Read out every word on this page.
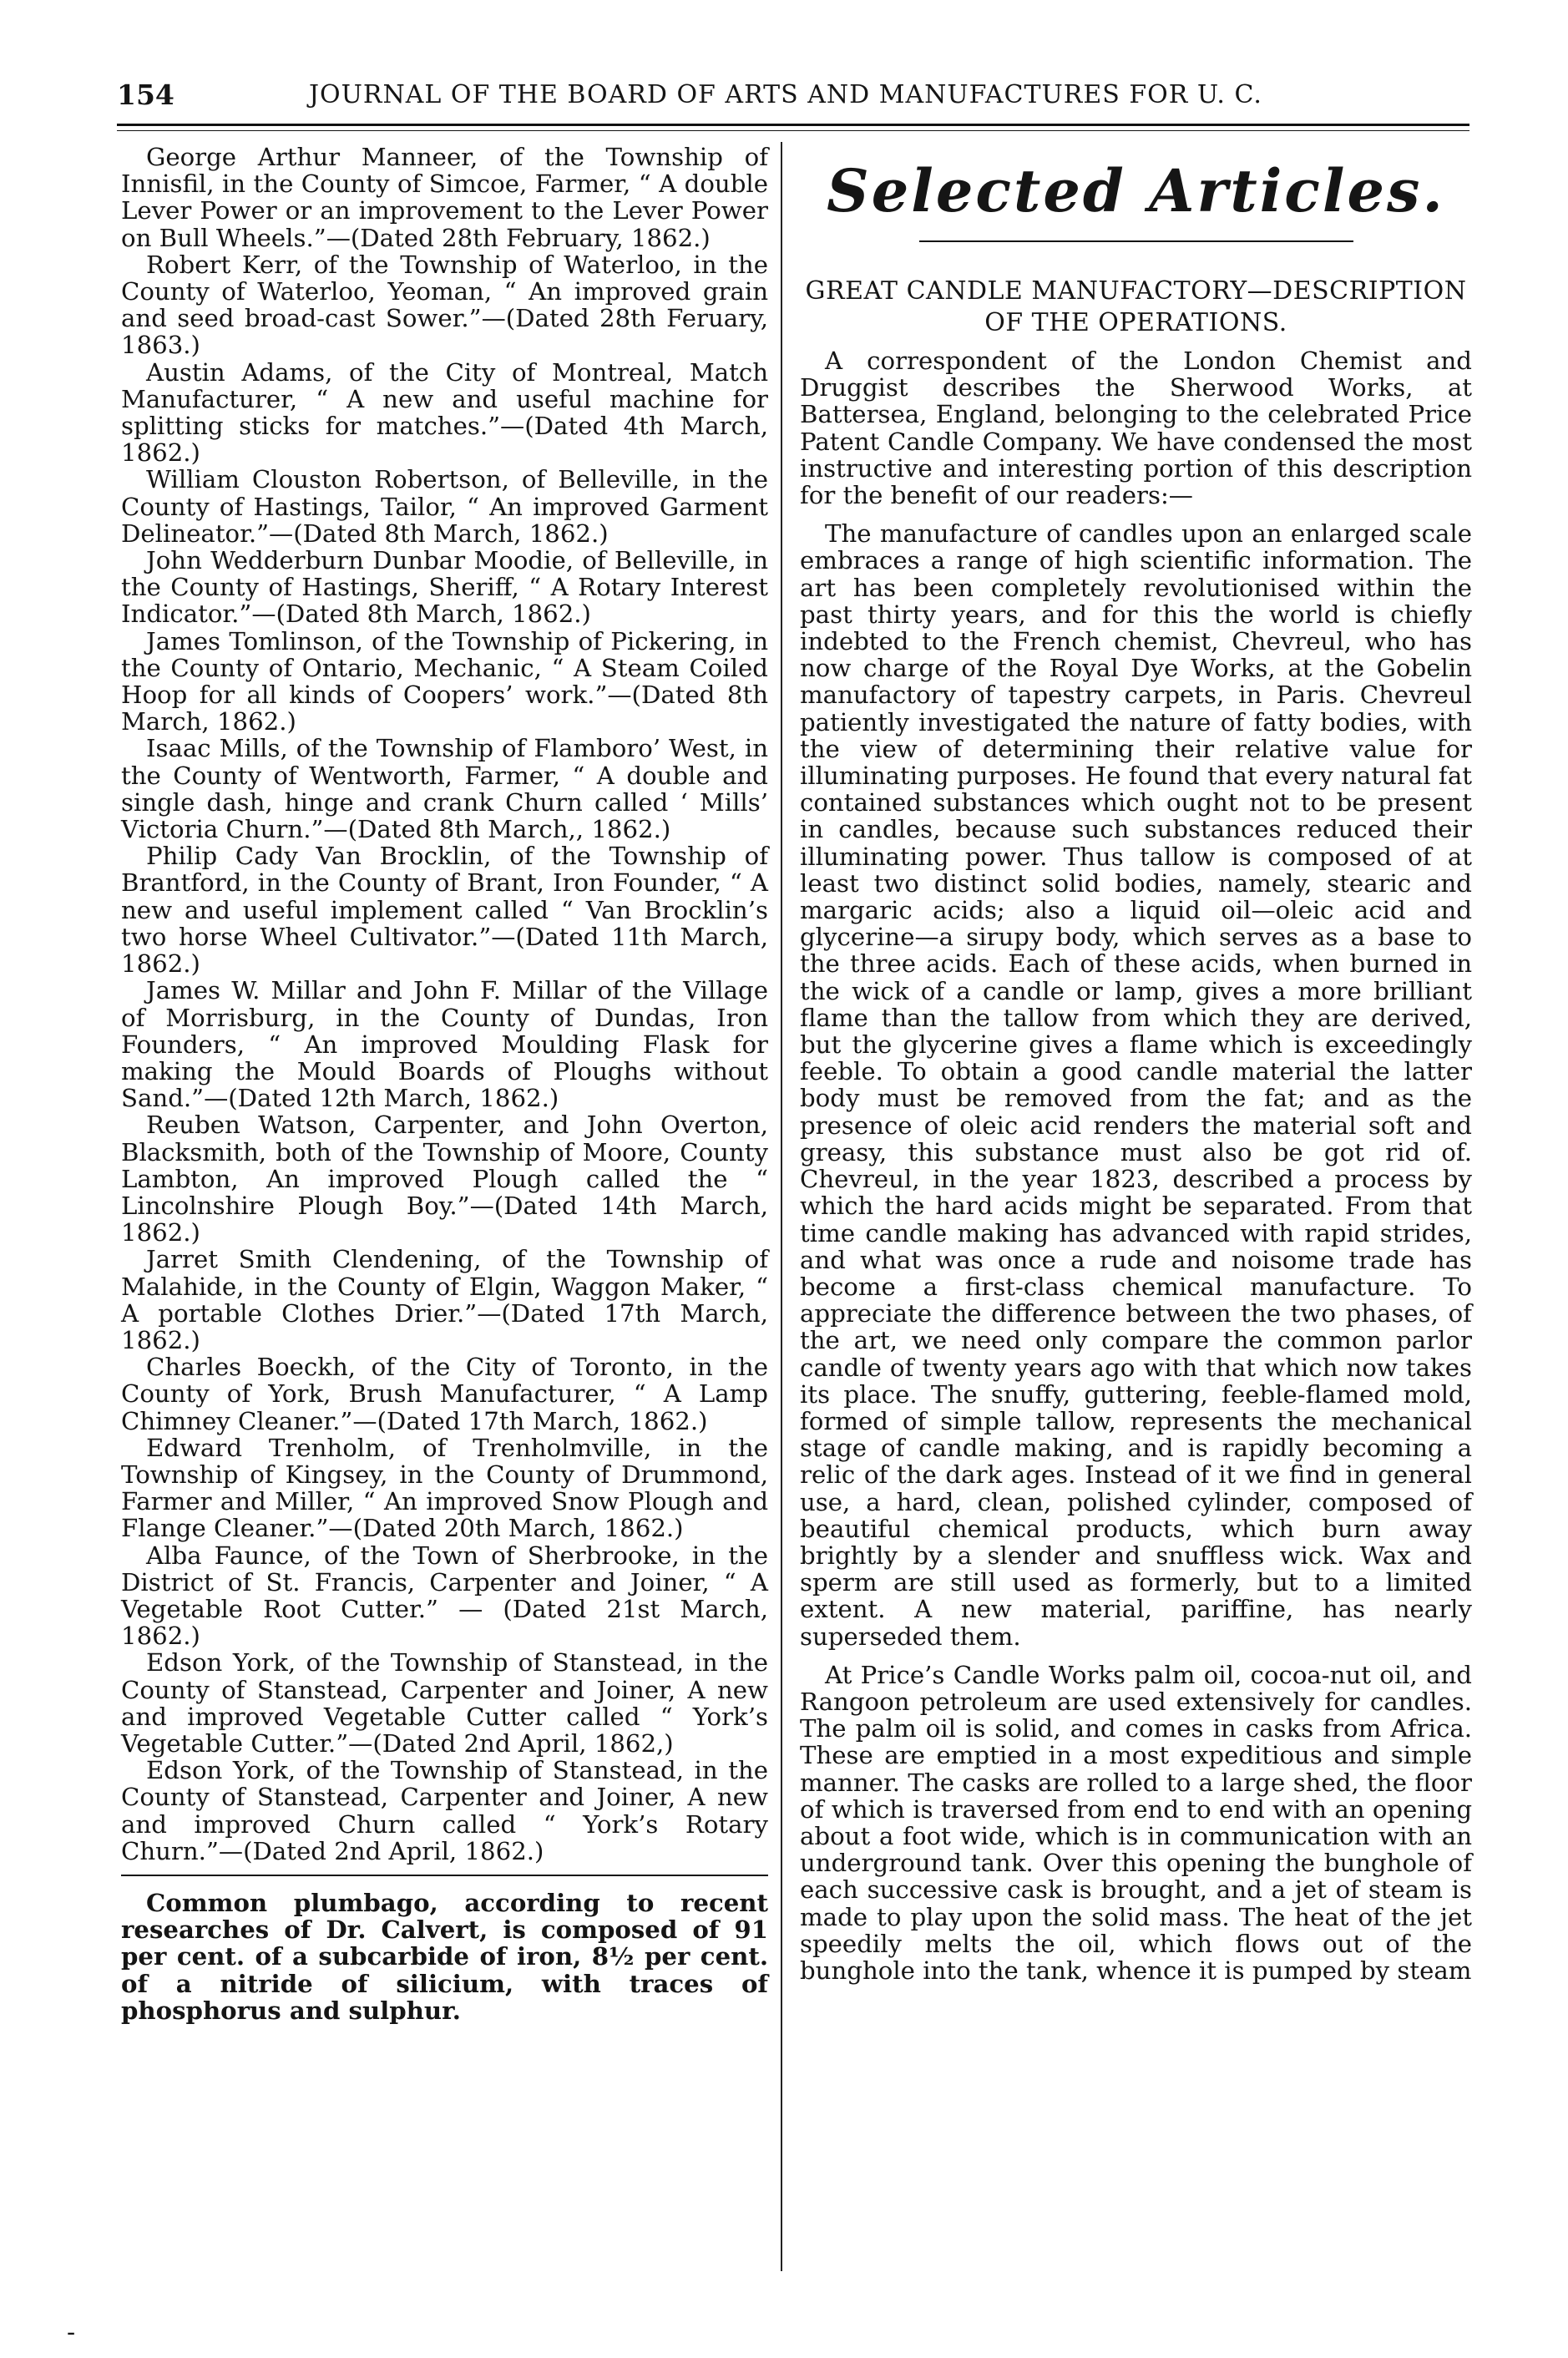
154	JOURNAL OF THE BOARD OF ARTS AND MANUFACTURES FOR U. C.

George Arthur Manneer, of the Township of Innisfil, in the County of Simcoe, Farmer, “ A double Lever Power or an improvement to the Lever Power on Bull Wheels.”—(Dated 28th February, 1862.)

Robert Kerr, of the Township of Waterloo, in the County of Waterloo, Yeoman, “ An improved grain and seed broad-cast Sower.”—(Dated 28th Feruary, 1863.)

Austin Adams, of the City of Montreal, Match Manufacturer, “ A new and useful machine for splitting sticks for matches.”—(Dated 4th March, 1862.)

William Clouston Robertson, of Belleville, in the County of Hastings, Tailor, “ An improved Garment Delineator.”—(Dated 8th March, 1862.)

John Wedderburn Dunbar Moodie, of Belleville, in the County of Hastings, Sheriff, “ A Rotary Interest Indicator.”—(Dated 8th March, 1862.)

James Tomlinson, of the Township of Pickering, in the County of Ontario, Mechanic, “ A Steam Coiled Hoop for all kinds of Coopers’ work.”—(Dated 8th March, 1862.)

Isaac Mills, of the Township of Flamboro’ West, in the County of Wentworth, Farmer, “ A double and single dash, hinge and crank Churn called ‘ Mills’ Victoria Churn.”—(Dated 8th March,, 1862.)

Philip Cady Van Brocklin, of the Township of Brantford, in the County of Brant, Iron Founder, “ A new and useful implement called “ Van Brocklin’s two horse Wheel Cultivator.”—(Dated 11th March, 1862.)

James W. Millar and John F. Millar of the Village of Morrisburg, in the County of Dundas, Iron Founders, “ An improved Moulding Flask for making the Mould Boards of Ploughs without Sand.”—(Dated 12th March, 1862.)

Reuben Watson, Carpenter, and John Overton, Blacksmith, both of the Township of Moore, County Lambton, An improved Plough called the “ Lincolnshire Plough Boy.”—(Dated 14th March, 1862.)

Jarret Smith Clendening, of the Township of Malahide, in the County of Elgin, Waggon Maker, “ A portable Clothes Drier.”—(Dated 17th March, 1862.)

Charles Boeckh, of the City of Toronto, in the County of York, Brush Manufacturer, “ A Lamp Chimney Cleaner.”—(Dated 17th March, 1862.)

Edward Trenholm, of Trenholmville, in the Township of Kingsey, in the County of Drummond, Farmer and Miller, “ An improved Snow Plough and Flange Cleaner.”—(Dated 20th March, 1862.)

Alba Faunce, of the Town of Sherbrooke, in the District of St. Francis, Carpenter and Joiner, “ A Vegetable Root Cutter.” — (Dated 21st March, 1862.)

Edson York, of the Township of Stanstead, in the County of Stanstead, Carpenter and Joiner, A new and improved Vegetable Cutter called “ York’s Vegetable Cutter.”—(Dated 2nd April, 1862,)

Edson York, of the Township of Stanstead, in the County of Stanstead, Carpenter and Joiner, A new and improved Churn called “ York’s Rotary Churn.”—(Dated 2nd April, 1862.)

Common plumbago, according to recent researches of Dr. Calvert, is composed of 91 per cent. of a subcarbide of iron, 8½ per cent. of a nitride of silicium, with traces of phosphorus and sulphur.

Selected Articles.
GREAT CANDLE MANUFACTORY—DESCRIPTION OF THE OPERATIONS.

A correspondent of the London Chemist and Druggist describes the Sherwood Works, at Battersea, England, belonging to the celebrated Price Patent Candle Company. We have condensed the most instructive and interesting portion of this description for the benefit of our readers:—

The manufacture of candles upon an enlarged scale embraces a range of high scientific information. The art has been completely revolutionised within the past thirty years, and for this the world is chiefly indebted to the French chemist, Chevreul, who has now charge of the Royal Dye Works, at the Gobelin manufactory of tapestry carpets, in Paris. Chevreul patiently investigated the nature of fatty bodies, with the view of determining their relative value for illuminating purposes. He found that every natural fat contained substances which ought not to be present in candles, because such substances reduced their illuminating power. Thus tallow is composed of at least two distinct solid bodies, namely, stearic and margaric acids; also a liquid oil—oleic acid and glycerine—a sirupy body, which serves as a base to the three acids. Each of these acids, when burned in the wick of a candle or lamp, gives a more brilliant flame than the tallow from which they are derived, but the glycerine gives a flame which is exceedingly feeble. To obtain a good candle material the latter body must be removed from the fat; and as the presence of oleic acid renders the material soft and greasy, this substance must also be got rid of. Chevreul, in the year 1823, described a process by which the hard acids might be separated. From that time candle making has advanced with rapid strides, and what was once a rude and noisome trade has become a first-class chemical manufacture. To appreciate the difference between the two phases, of the art, we need only compare the common parlor candle of twenty years ago with that which now takes its place. The snuffy, guttering, feeble-flamed mold, formed of simple tallow, represents the mechanical stage of candle making, and is rapidly becoming a relic of the dark ages. Instead of it we find in general use, a hard, clean, polished cylinder, composed of beautiful chemical products, which burn away brightly by a slender and snuffless wick. Wax and sperm are still used as formerly, but to a limited extent. A new material, pariffine, has nearly superseded them.

At Price’s Candle Works palm oil, cocoa-nut oil, and Rangoon petroleum are used extensively for candles. The palm oil is solid, and comes in casks from Africa. These are emptied in a most expeditious and simple manner. The casks are rolled to a large shed, the floor of which is traversed from end to end with an opening about a foot wide, which is in communication with an underground tank. Over this opening the bunghole of each successive cask is brought, and a jet of steam is made to play upon the solid mass. The heat of the jet speedily melts the oil, which flows out of the bunghole into the tank, whence it is pumped by steam

-
